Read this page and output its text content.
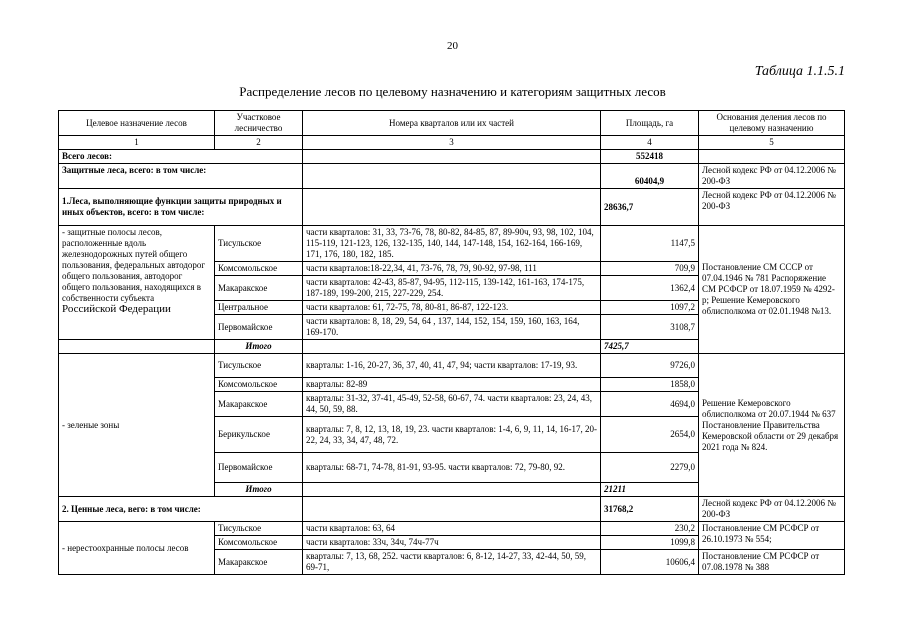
20
Таблица 1.1.5.1
Распределение лесов по целевому назначению и категориям защитных лесов
Целевое назначение лесов	Участковое лесничество	Номера кварталов или их частей	Площадь, га	Основания деления лесов по целевому назначению
1	2	3	4	5
Всего лесов:			552418	
Защитные леса, всего: в том числе:			60404,9	Лесной кодекс РФ от 04.12.2006 № 200-ФЗ
1.Леса, выполняющие функции защиты природных и иных объектов, всего: в том числе:			28636,7	Лесной кодекс РФ от 04.12.2006 № 200-ФЗ
- защитные полосы лесов, расположенные вдоль железнодорожных путей общего пользования, федеральных автодорог общего пользования, автодорог общего пользования, находящихся в собственности субъекта
Российской Федерации	Тисульское	части кварталов: 31, 33, 73-76, 78, 80-82, 84-85, 87, 89-90ч, 93, 98, 102, 104, 115-119, 121-123, 126, 132-135, 140, 144, 147-148, 154, 162-164, 166-169, 171, 176, 180, 182, 185.	1147,5	Постановление СМ СССР от 07.04.1946 № 781 Распоряжение СМ РСФСР от 18.07.1959 № 4292-р; Решение Кемеровского облисполкома от 02.01.1948 №13.
	Комсомольское	части кварталов:18-22,34, 41, 73-76, 78, 79, 90-92, 97-98, 111	709,9	
	Макаракское	части кварталов: 42-43, 85-87, 94-95, 112-115, 139-142, 161-163, 174-175, 187-189, 199-200, 215, 227-229, 254.	1362,4	
	Центральное	части кварталов: 61, 72-75, 78, 80-81, 86-87, 122-123.	1097,2	
	Первомайское	части кварталов: 8, 18, 29, 54, 64 , 137, 144, 152, 154, 159, 160, 163, 164, 169-170.	3108,7	
	Итого		7425,7	
- зеленые зоны	Тисульское	кварталы: 1-16, 20-27, 36, 37, 40, 41, 47, 94; части кварталов: 17-19, 93.	9726,0	Решение Кемеровского облисполкома от 20.07.1944 № 637 Постановление Правительства Кемеровской области от 29 декабря 2021 года № 824.
	Комсомольское	кварталы: 82-89	1858,0	
	Макаракское	кварталы: 31-32, 37-41, 45-49, 52-58, 60-67, 74. части кварталов: 23, 24, 43, 44, 50, 59, 88.	4694,0	
	Берикульское	кварталы: 7, 8, 12, 13, 18, 19, 23. части кварталов: 1-4, 6, 9, 11, 14, 16-17, 20-22, 24, 33, 34, 47, 48, 72.	2654,0	
	Первомайское	кварталы: 68-71, 74-78, 81-91, 93-95. части кварталов: 72, 79-80, 92.	2279,0	
	Итого		21211	
2. Ценные леса, вего: в том числе:			31768,2	Лесной кодекс РФ от 04.12.2006 № 200-ФЗ
- нерестоохранные полосы лесов	Тисульское	части кварталов: 63, 64	230,2	Постановление СМ РСФСР от 26.10.1973 № 554;
	Комсомольское	части кварталов: 33ч, 34ч, 74ч-77ч	1099,8	
	Макаракское	кварталы: 7, 13, 68, 252. части кварталов: 6, 8-12, 14-27, 33, 42-44, 50, 59, 69-71,	10606,4	Постановление СМ РСФСР от 07.08.1978 № 388
